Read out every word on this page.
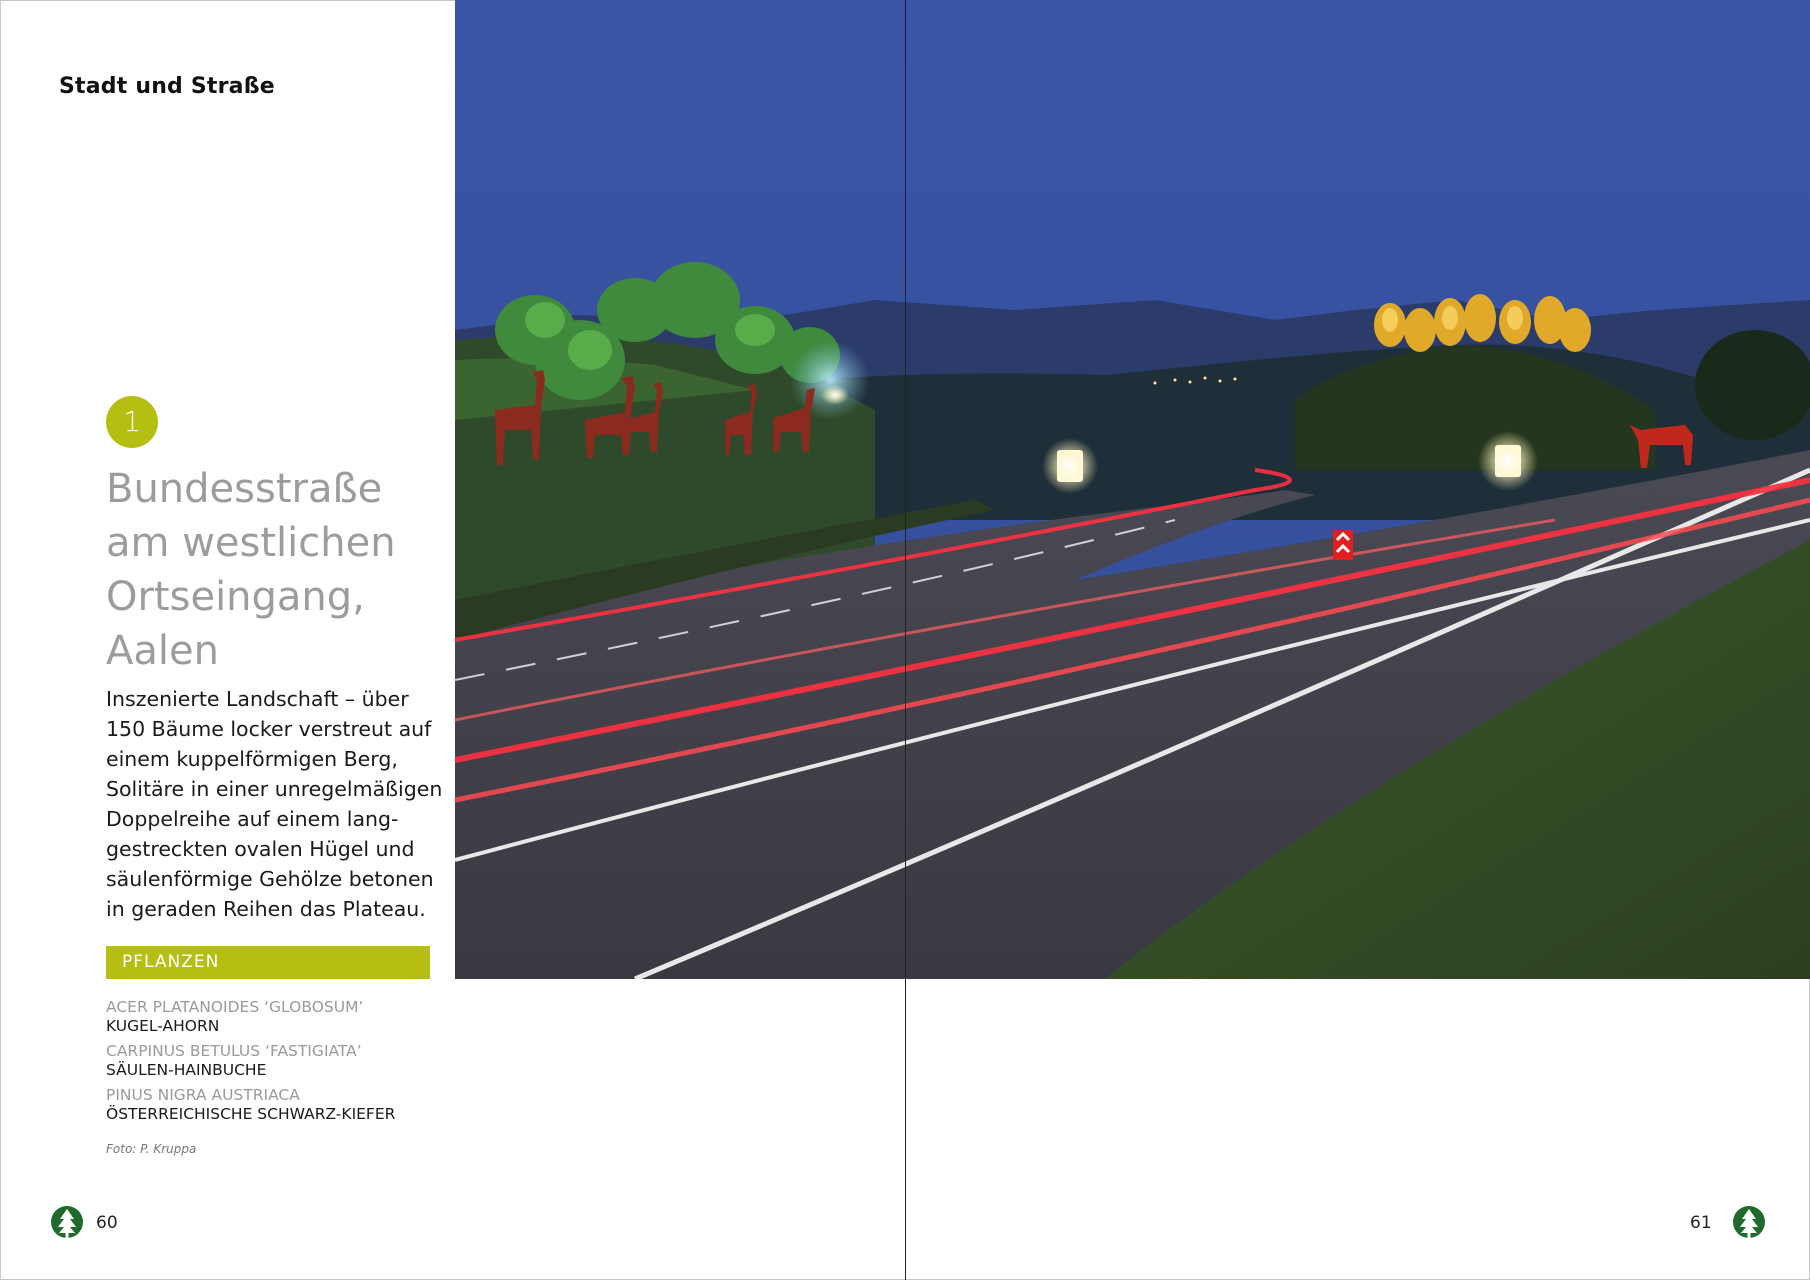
Stadt und Straße
1
Bundesstraße
am westlichen
Ortseingang,
Aalen
Inszenierte Landschaft – über
150 Bäume locker verstreut auf
einem kuppelförmigen Berg,
Solitäre in einer unregelmäßigen
Doppelreihe auf einem lang-
gestreckten ovalen Hügel und
säulenförmige Gehölze betonen
in geraden Reihen das Plateau.
PFLANZEN
ACER PLATANOIDES ‘GLOBOSUM’
KUGEL-AHORN
CARPINUS BETULUS ‘FASTIGIATA’
SÄULEN-HAINBUCHE
PINUS NIGRA AUSTRIACA
ÖSTERREICHISCHE SCHWARZ-KIEFER
Foto: P. Kruppa
60	61
